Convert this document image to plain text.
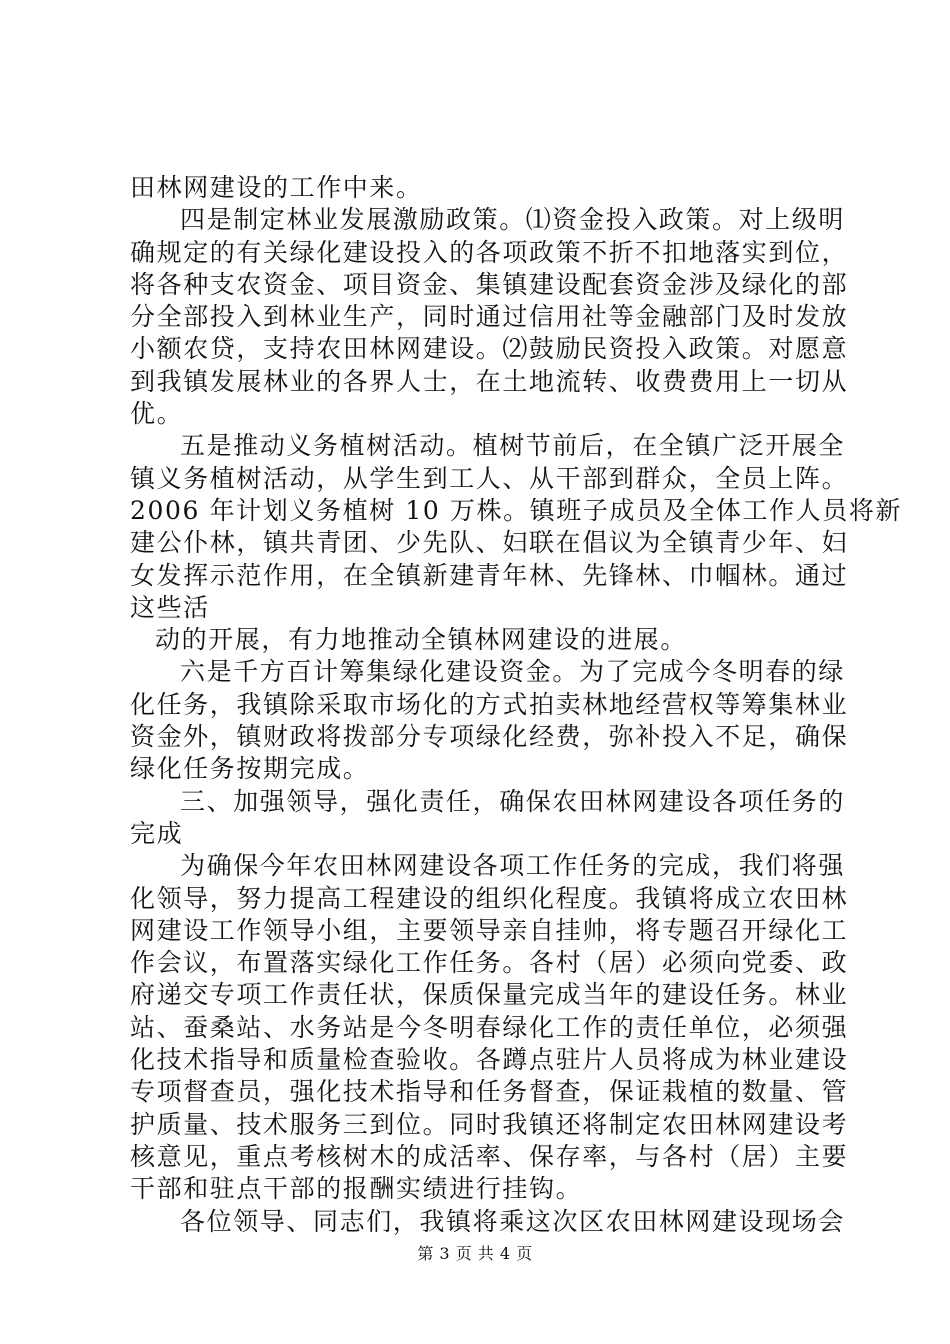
田林网建设的工作中来。
四是制定林业发展激励政策。⑴资金投入政策。对上级明
确规定的有关绿化建设投入的各项政策不折不扣地落实到位，
将各种支农资金、项目资金、集镇建设配套资金涉及绿化的部
分全部投入到林业生产，同时通过信用社等金融部门及时发放
小额农贷，支持农田林网建设。⑵鼓励民资投入政策。对愿意
到我镇发展林业的各界人士，在土地流转、收费费用上一切从
优。
五是推动义务植树活动。植树节前后，在全镇广泛开展全
镇义务植树活动，从学生到工人、从干部到群众，全员上阵。
2006 年计划义务植树 10 万株。镇班子成员及全体工作人员将新
建公仆林，镇共青团、少先队、妇联在倡议为全镇青少年、妇
女发挥示范作用，在全镇新建青年林、先锋林、巾帼林。通过
这些活
动的开展，有力地推动全镇林网建设的进展。
六是千方百计筹集绿化建设资金。为了完成今冬明春的绿
化任务，我镇除采取市场化的方式拍卖林地经营权等筹集林业
资金外，镇财政将拨部分专项绿化经费，弥补投入不足，确保
绿化任务按期完成。
三、加强领导，强化责任，确保农田林网建设各项任务的
完成
为确保今年农田林网建设各项工作任务的完成，我们将强
化领导，努力提高工程建设的组织化程度。我镇将成立农田林
网建设工作领导小组，主要领导亲自挂帅，将专题召开绿化工
作会议，布置落实绿化工作任务。各村（居）必须向党委、政
府递交专项工作责任状，保质保量完成当年的建设任务。林业
站、蚕桑站、水务站是今冬明春绿化工作的责任单位，必须强
化技术指导和质量检查验收。各蹲点驻片人员将成为林业建设
专项督查员，强化技术指导和任务督查，保证栽植的数量、管
护质量、技术服务三到位。同时我镇还将制定农田林网建设考
核意见，重点考核树木的成活率、保存率，与各村（居）主要
干部和驻点干部的报酬实绩进行挂钩。
各位领导、同志们，我镇将乘这次区农田林网建设现场会
第 3 页 共 4 页
